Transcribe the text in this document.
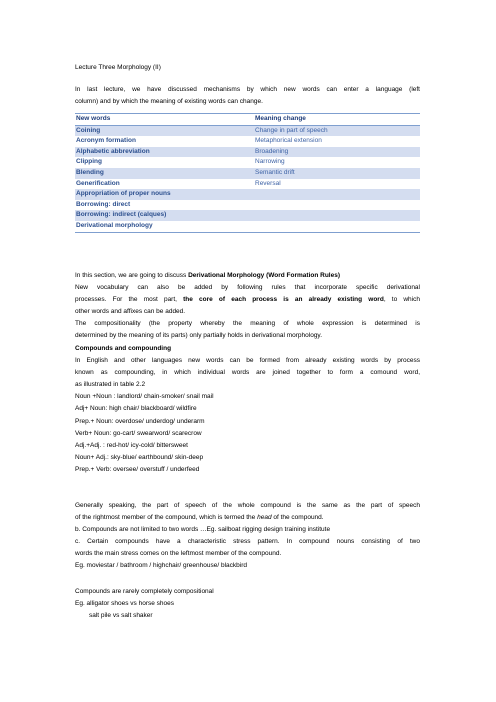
Lecture Three Morphology (II)
In last lecture, we have discussed mechanisms by which new words can enter a language (left
column) and by which the meaning of existing words can change.
New words	Meaning change
Coining	Change in part of speech
Acronym formation	Metaphorical extension
Alphabetic abbreviation	Broadening
Clipping	Narrowing
Blending	Semantic drift
Generification	Reversal
Appropriation of proper nouns
Borrowing: direct
Borrowing: indirect (calques)
Derivational morphology
In this section, we are going to discuss Derivational Morphology (Word Formation Rules)
New vocabulary can also be added by following rules that incorporate specific derivational
processes. For the most part, the core of each process is an already existing word, to which
other words and affixes can be added.
The compositionality (the property whereby the meaning of whole expression is determined is
determined by the meaning of its parts) only partially holds in derivational morphology.
Compounds and compounding
In English and other languages new words can be formed from already existing words by process
known as compounding, in which individual words are joined together to form a comound word,
as illustrated in table 2.2
Noun +Noun : landlord/ chain-smoker/ snail mail
Adj+ Noun: high chair/ blackboard/ wildfire
Prep.+ Noun: overdose/ underdog/ underarm
Verb+ Noun: go-cart/ swearword/ scarecrow
Adj.+Adj. : red-hot/ icy-cold/ bittersweet
Noun+ Adj.: sky-blue/ earthbound/ skin-deep
Prep.+ Verb: oversee/ overstuff / underfeed
Generally speaking, the part of speech of the whole compound is the same as the part of speech
of the rightmost member of the compound, which is termed the head of the compound.
b. Compounds are not limited to two words …Eg. sailboat rigging design training institute
c. Certain compounds have a characteristic stress pattern. In compound nouns consisting of two
words the main stress comes on the leftmost member of the compound.
Eg. moviestar / bathroom / highchair/ greenhouse/ blackbird
Compounds are rarely completely compositional
Eg. alligator shoes vs horse shoes
salt pile vs salt shaker
